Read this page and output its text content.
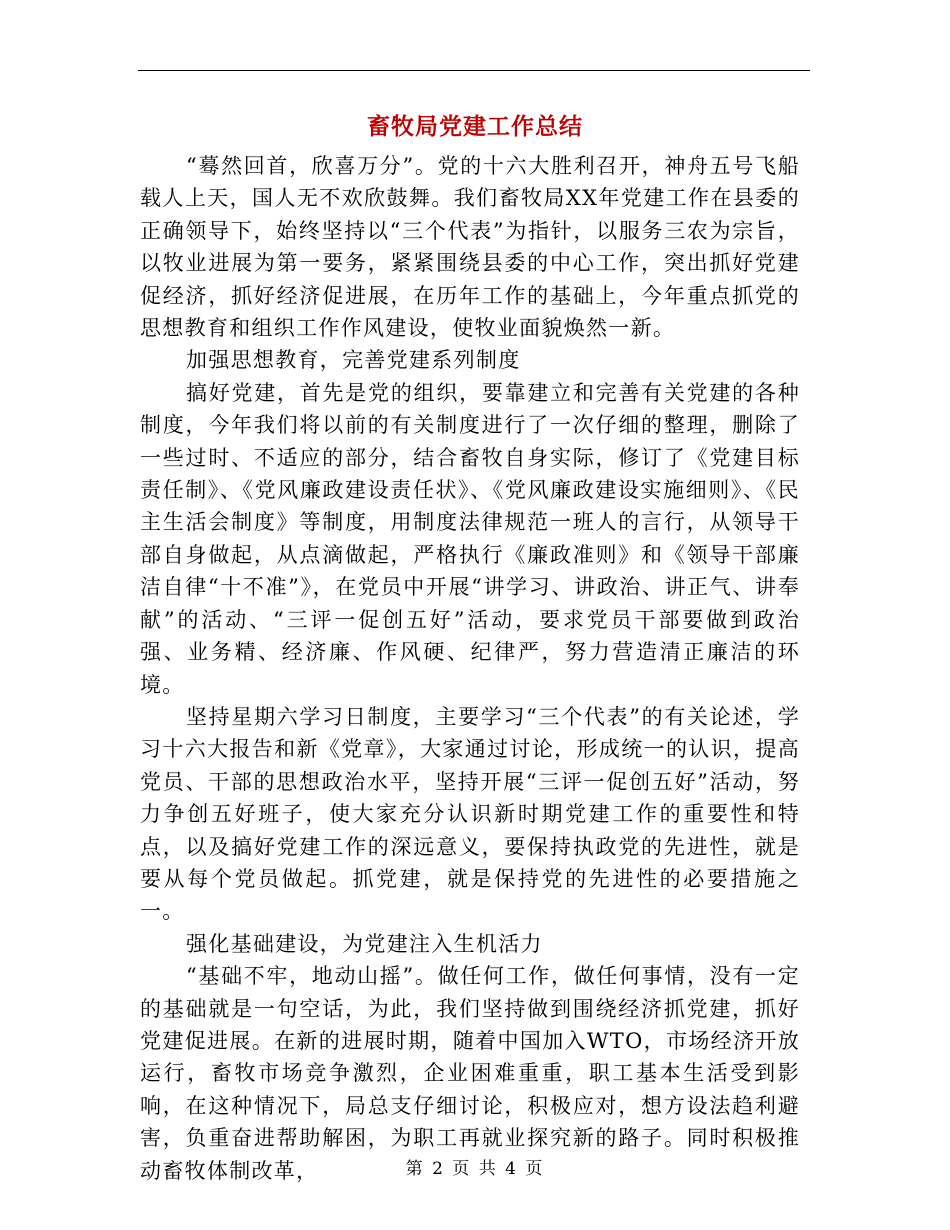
畜牧局党建工作总结

“蓦然回首，欣喜万分”。党的十六大胜利召开，神舟五号飞船载人上天，国人无不欢欣鼓舞。我们畜牧局XX年党建工作在县委的正确领导下，始终坚持以“三个代表”为指针，以服务三农为宗旨，以牧业进展为第一要务，紧紧围绕县委的中心工作，突出抓好党建促经济，抓好经济促进展，在历年工作的基础上，今年重点抓党的思想教育和组织工作作风建设，使牧业面貌焕然一新。

加强思想教育，完善党建系列制度

搞好党建，首先是党的组织，要靠建立和完善有关党建的各种制度，今年我们将以前的有关制度进行了一次仔细的整理，删除了一些过时、不适应的部分，结合畜牧自身实际，修订了《党建目标责任制》、《党风廉政建设责任状》、《党风廉政建设实施细则》、《民主生活会制度》等制度，用制度法律规范一班人的言行，从领导干部自身做起，从点滴做起，严格执行《廉政准则》和《领导干部廉洁自律“十不准”》，在党员中开展“讲学习、讲政治、讲正气、讲奉献”的活动、“三评一促创五好”活动，要求党员干部要做到政治强、业务精、经济廉、作风硬、纪律严，努力营造清正廉洁的环境。

坚持星期六学习日制度，主要学习“三个代表”的有关论述，学习十六大报告和新《党章》，大家通过讨论，形成统一的认识，提高党员、干部的思想政治水平，坚持开展“三评一促创五好”活动，努力争创五好班子，使大家充分认识新时期党建工作的重要性和特点，以及搞好党建工作的深远意义，要保持执政党的先进性，就是要从每个党员做起。抓党建，就是保持党的先进性的必要措施之一。

强化基础建设，为党建注入生机活力

“基础不牢，地动山摇”。做任何工作，做任何事情，没有一定的基础就是一句空话，为此，我们坚持做到围绕经济抓党建，抓好党建促进展。在新的进展时期，随着中国加入WTO，市场经济开放运行，畜牧市场竞争激烈，企业困难重重，职工基本生活受到影响，在这种情况下，局总支仔细讨论，积极应对，想方设法趋利避害，负重奋进帮助解困，为职工再就业探究新的路子。同时积极推动畜牧体制改革，	第 2 页 共 4 页
